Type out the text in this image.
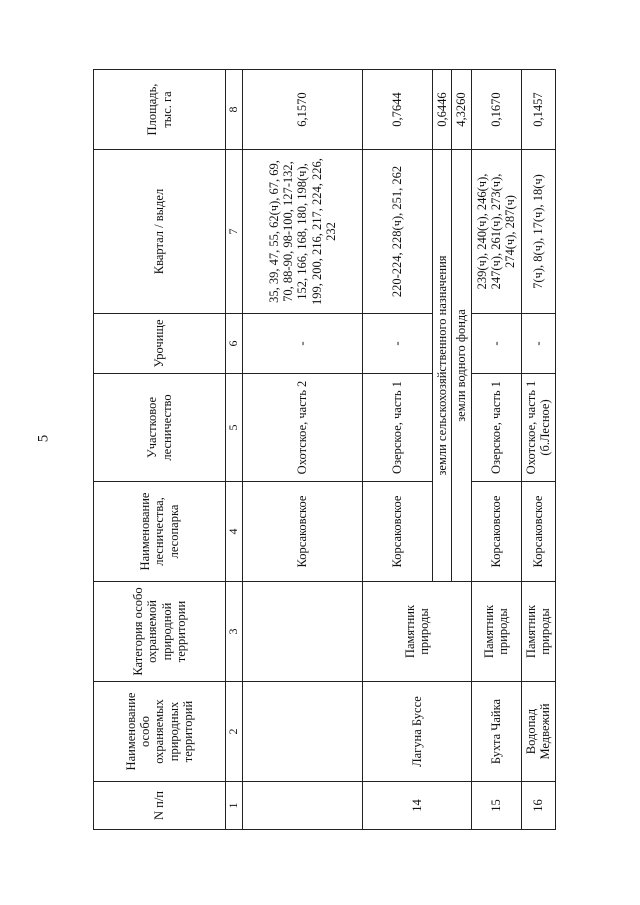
5
N п/п	Наименование особо охраняемых природных территорий	Категория особо охраняемой природной территории	Наименование лесничества, лесопарка	Участковое лесничество	Урочище	Квартал / выдел	Площадь, тыс. га
1	2	3	4	5	6	7	8
			Корсаковское	Охотское, часть 2	-	35, 39, 47, 55, 62(ч), 67, 69, 70, 88-90, 98-100, 127-132, 152, 166, 168, 180, 198(ч), 199, 200, 216, 217, 224, 226, 232	6,1570
14	Лагуна Буссе	Памятник природы	Корсаковское	Озерское, часть 1	-	220-224, 228(ч), 251, 262	0,7644
			земли сельскохозяйственного назначения				0,6446
			земли водного фонда				4,3260
15	Бухта Чайка	Памятник природы	Корсаковское	Озерское, часть 1	-	239(ч), 240(ч), 246(ч), 247(ч), 261(ч), 273(ч), 274(ч), 287(ч)	0,1670
16	Водопад Медвежий	Памятник природы	Корсаковское	Охотское, часть 1 (б.Лесное)	-	7(ч), 8(ч), 17(ч), 18(ч)	0,1457
